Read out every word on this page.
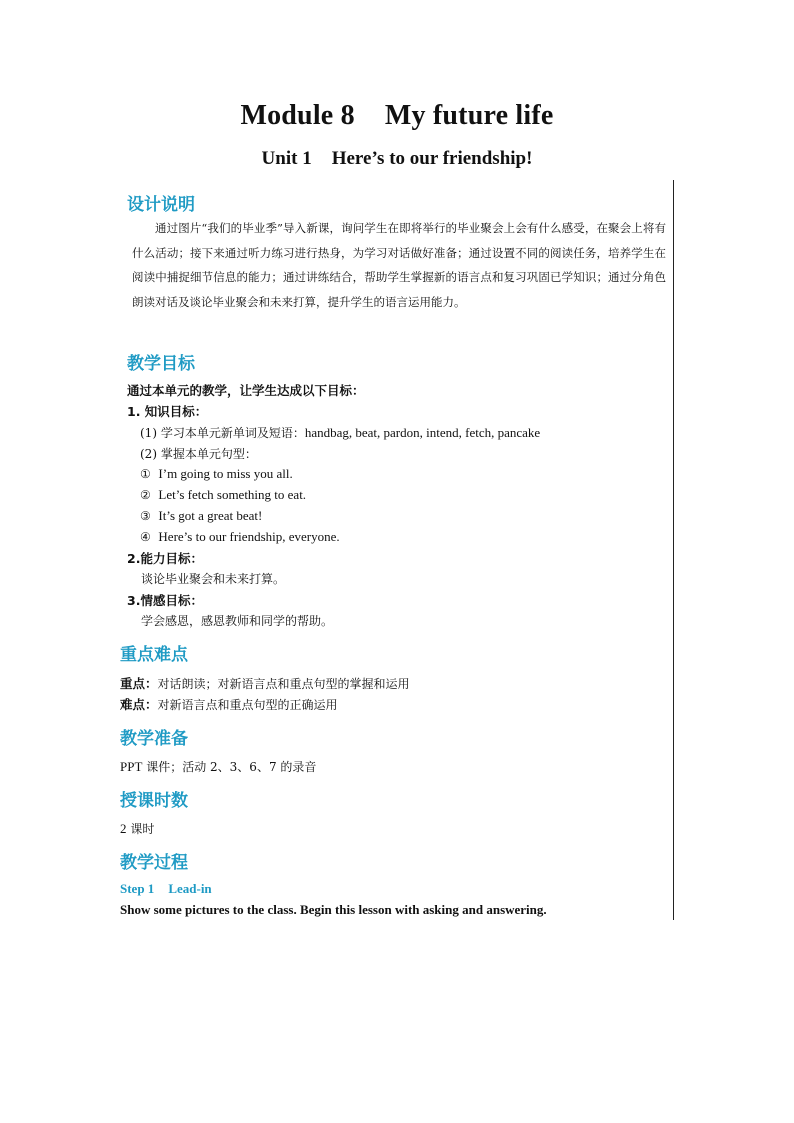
Module 8 My future life
Unit 1 Here’s to our friendship!
设计说明
通过图片“我们的毕业季”导入新课，询问学生在即将举行的毕业聚会上会有什么感受，在聚会上将有什么活动；接下来通过听力练习进行热身，为学习对话做好准备；通过设置不同的阅读任务，培养学生在阅读中捕捉细节信息的能力；通过讲练结合，帮助学生掌握新的语言点和复习巩固已学知识；通过分角色朗读对话及谈论毕业聚会和未来打算，提升学生的语言运用能力。
教学目标
通过本单元的教学，让学生达成以下目标：
1. 知识目标：
(1) 学习本单元新单词及短语：handbag, beat, pardon, intend, fetch, pancake
(2) 掌握本单元句型：
① I’m going to miss you all.
② Let’s fetch something to eat.
③ It’s got a great beat!
④ Here’s to our friendship, everyone.
2.能力目标：
谈论毕业聚会和未来打算。
3.情感目标：
学会感恩，感恩教师和同学的帮助。
重点难点
重点：对话朗读；对新语言点和重点句型的掌握和运用
难点：对新语言点和重点句型的正确运用
教学准备
PPT 课件；活动 2、3、6、7 的录音
授课时数
2 课时
教学过程
Step 1 Lead-in
Show some pictures to the class. Begin this lesson with asking and answering.
